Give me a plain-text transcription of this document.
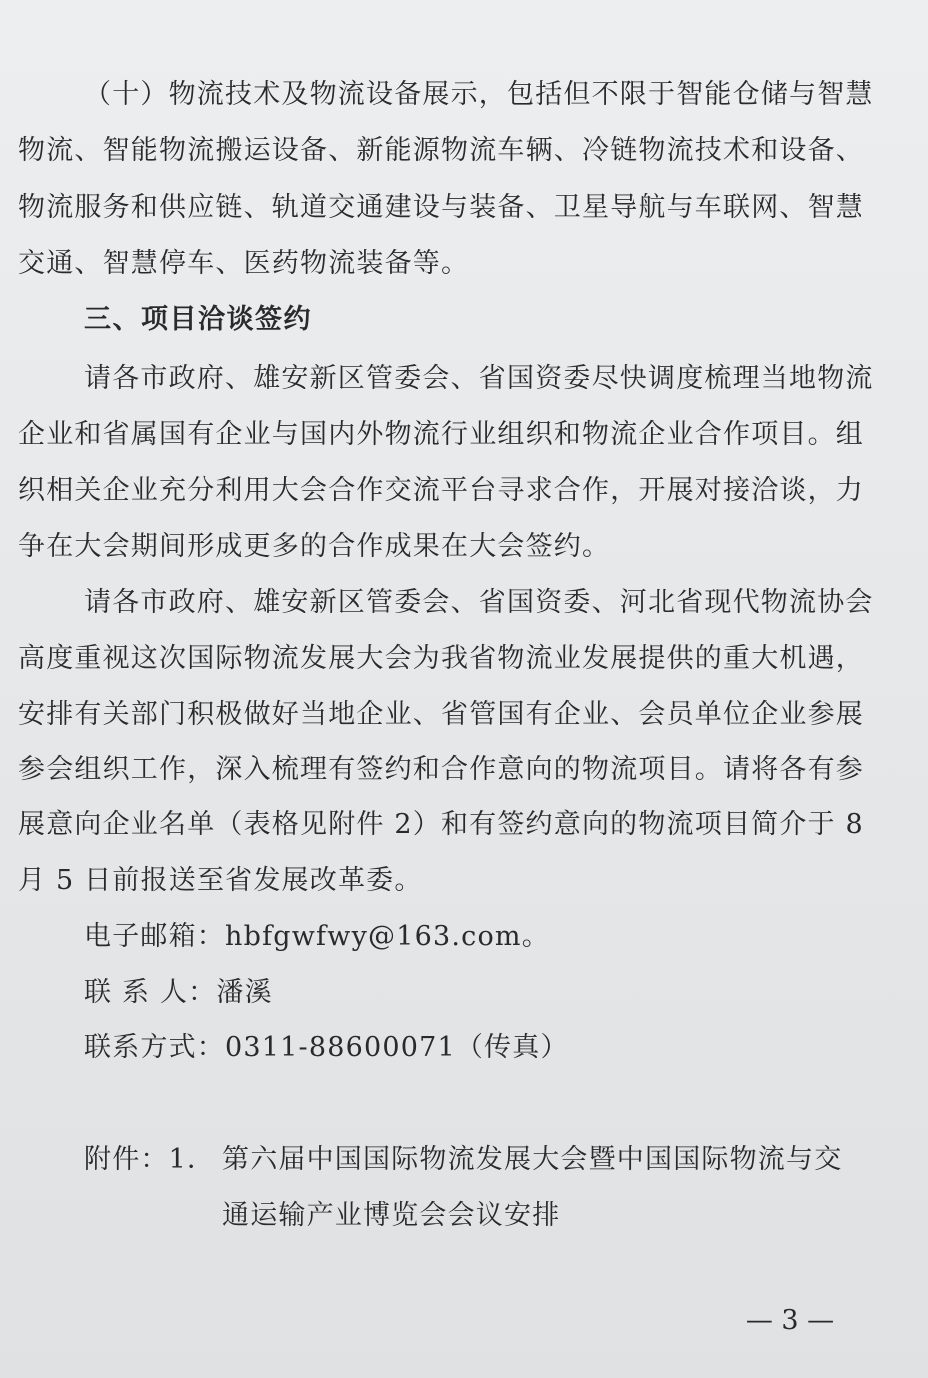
（十）物流技术及物流设备展示，包括但不限于智能仓储与智慧
物流、智能物流搬运设备、新能源物流车辆、冷链物流技术和设备、
物流服务和供应链、轨道交通建设与装备、卫星导航与车联网、智慧
交通、智慧停车、医药物流装备等。
三、项目洽谈签约
请各市政府、雄安新区管委会、省国资委尽快调度梳理当地物流
企业和省属国有企业与国内外物流行业组织和物流企业合作项目。组
织相关企业充分利用大会合作交流平台寻求合作，开展对接洽谈，力
争在大会期间形成更多的合作成果在大会签约。
请各市政府、雄安新区管委会、省国资委、河北省现代物流协会
高度重视这次国际物流发展大会为我省物流业发展提供的重大机遇，
安排有关部门积极做好当地企业、省管国有企业、会员单位企业参展
参会组织工作，深入梳理有签约和合作意向的物流项目。请将各有参
展意向企业名单（表格见附件 2）和有签约意向的物流项目简介于 8
月 5 日前报送至省发展改革委。
电子邮箱：hbfgwfwy@163.com。
联 系 人：潘溪
联系方式：0311-88600071（传真）
附件：1． 第六届中国国际物流发展大会暨中国国际物流与交
通运输产业博览会会议安排
— 3 —
